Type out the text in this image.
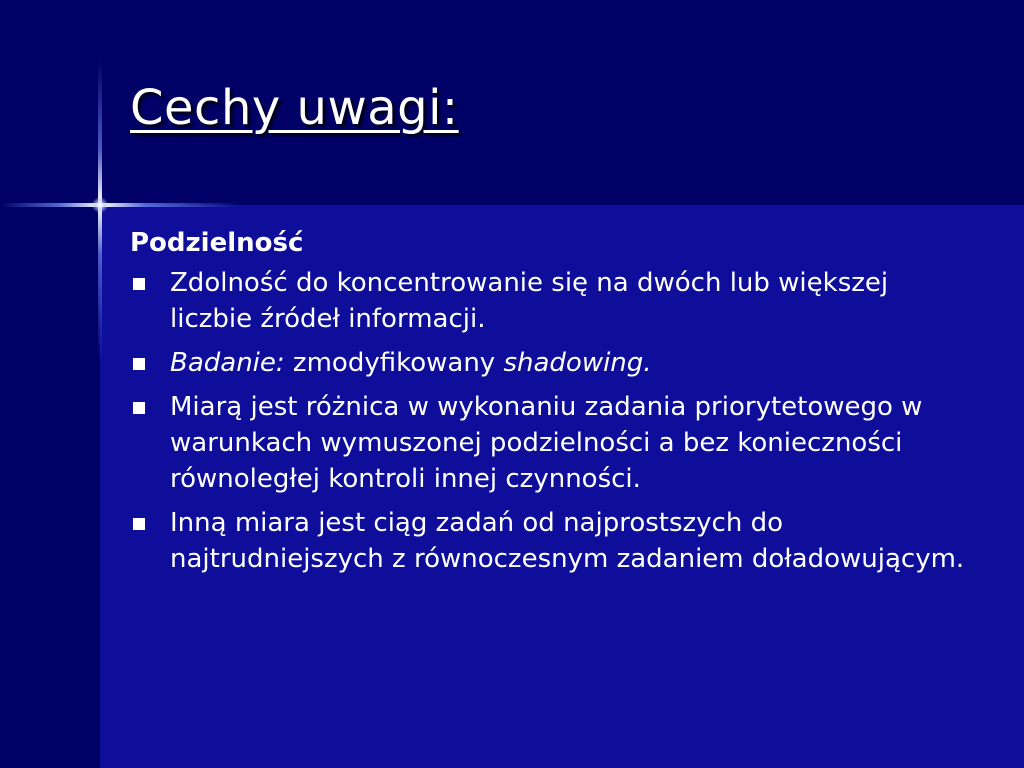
Cechy uwagi:
Podzielność
Zdolność do koncentrowanie się na dwóch lub większej liczbie źródeł informacji.
Badanie: zmodyfikowany shadowing.
Miarą jest różnica w wykonaniu zadania priorytetowego w warunkach wymuszonej podzielności a bez konieczności równoległej kontroli innej czynności.
Inną miara jest ciąg zadań od najprostszych do najtrudniejszych z równoczesnym zadaniem doładowującym.
